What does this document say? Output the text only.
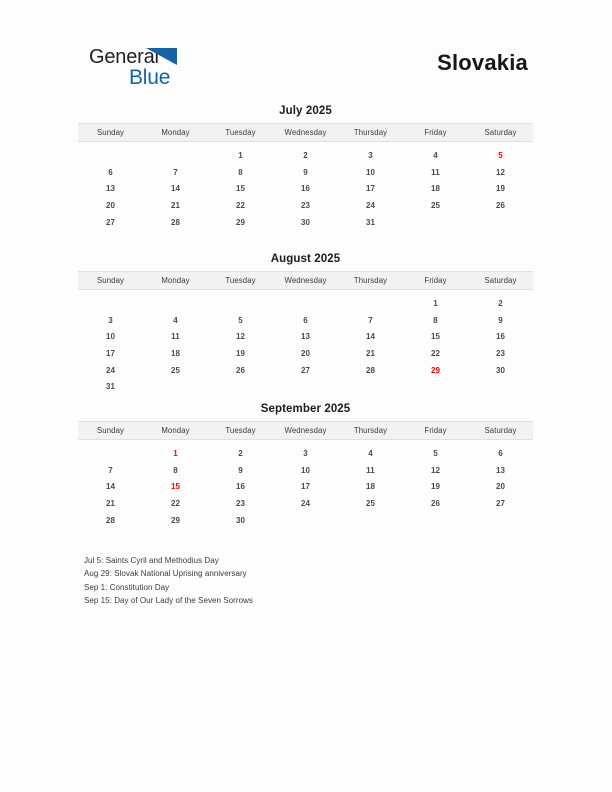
General
Blue
Slovakia
July 2025
Sunday	Monday	Tuesday	Wednesday	Thursday	Friday	Saturday
		1	2	3	4	5
6	7	8	9	10	11	12
13	14	15	16	17	18	19
20	21	22	23	24	25	26
27	28	29	30	31		
August 2025
Sunday	Monday	Tuesday	Wednesday	Thursday	Friday	Saturday
					1	2
3	4	5	6	7	8	9
10	11	12	13	14	15	16
17	18	19	20	21	22	23
24	25	26	27	28	29	30
31						
September 2025
Sunday	Monday	Tuesday	Wednesday	Thursday	Friday	Saturday
	1	2	3	4	5	6
7	8	9	10	11	12	13
14	15	16	17	18	19	20
21	22	23	24	25	26	27
28	29	30				
Jul 5: Saints Cyril and Methodius Day
Aug 29: Slovak National Uprising anniversary
Sep 1: Constitution Day
Sep 15: Day of Our Lady of the Seven Sorrows
